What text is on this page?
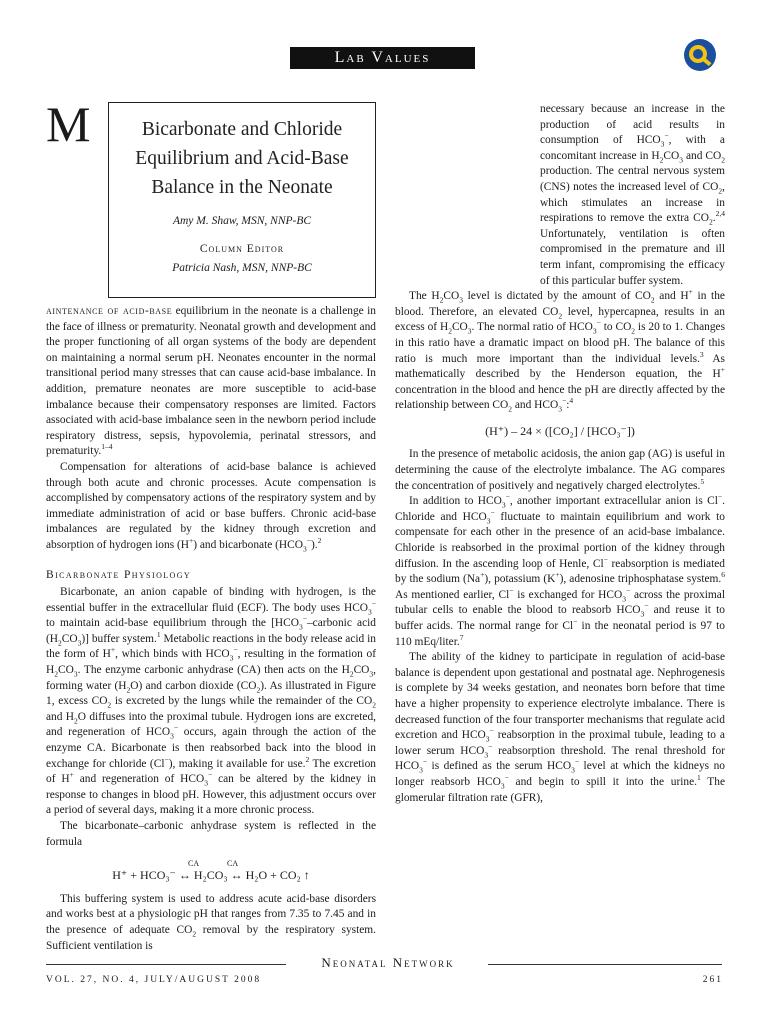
Lab Values
Bicarbonate and Chloride Equilibrium and Acid-Base Balance in the Neonate
Amy M. Shaw, MSN, NNP-BC
Column Editor
Patricia Nash, MSN, NNP-BC

M
aintenance of acid-base equilibrium in the neonate is a challenge in the face of illness or prematurity. Neonatal growth and development and the proper functioning of all organ systems of the body are dependent on maintaining a normal serum pH. Neonates encounter in the normal transitional period many stresses that can cause acid-base imbalance. In addition, premature neonates are more susceptible to acid-base imbalance because their compensatory responses are limited. Factors associated with acid-base imbalance seen in the newborn period include respiratory distress, sepsis, hypovolemia, perinatal stressors, and prematurity.$^{1-4}$

Compensation for alterations of acid-base balance is achieved through both acute and chronic processes. Acute compensation is accomplished by compensatory actions of the respiratory system and by immediate administration of acid or base buffers. Chronic acid-base imbalances are regulated by the kidney through excretion and absorption of hydrogen ions (H+) and bicarbonate $(HCO_3^-).^2$

Bicarbonate Physiology

Bicarbonate, an anion capable of binding with hydrogen, is the essential buffer in the extracellular fluid (ECF). The body uses $HCO_3^-$ to maintain acid-base equilibrium through the [$HCO_3^-$–carbonic acid $(H_2CO_3)$] buffer system.$^1$ Metabolic reactions in the body release acid in the form of H+, which binds with $HCO_3^-$, resulting in the formation of $H_2CO_3$. The enzyme carbonic anhydrase (CA) then acts on the $H_2CO_3$, forming water $(H_2O)$ and carbon dioxide $(CO_2)$. As illustrated in Figure 1, excess $CO_2$ is excreted by the lungs while the remainder of the $CO_2$ and $H_2O$ diffuses into the proximal tubule. Hydrogen ions are excreted, and regeneration of $HCO_3^-$ occurs, again through the action of the enzyme CA. Bicarbonate is then reabsorbed back into the blood in exchange for chloride (Cl−), making it available for use.$^2$ The excretion of H+ and regeneration of $HCO_3^-$ can be altered by the kidney in response to changes in blood pH. However, this adjustment occurs over a period of several days, making it a more chronic process.

The bicarbonate–carbonic anhydrase system is reflected in the formula

CA	CA
H⁺ + HCO₃⁻ ↔ H₂CO₃ ↔ H₂O + CO₂ ↑

This buffering system is used to address acute acid-base disorders and works best at a physiologic pH that ranges from 7.35 to 7.45 and in the presence of adequate $CO_2$ removal by the respiratory system. Sufficient ventilation is

necessary because an increase in the production of acid results in consumption of $HCO_3^-$, with a concomitant increase in $H_2CO_3$ and $CO_2$ production. The central nervous system (CNS) notes the increased level of $CO_2$, which stimulates an increase in respirations to remove the extra $CO_2.^{2,4}$ Unfortunately, ventilation is often compromised in the premature and ill term infant, compromising the efficacy of this particular buffer system.

The $H_2CO_3$ level is dictated by the amount of $CO_2$ and H+ in the blood. Therefore, an elevated $CO_2$ level, hypercapnea, results in an excess of $H_2CO_3$. The normal ratio of $HCO_3^-$ to $CO_2$ is 20 to 1. Changes in this ratio have a dramatic impact on blood pH. The balance of this ratio is much more important than the individual levels.$^3$ As mathematically described by the Henderson equation, the H+ concentration in the blood and hence the pH are directly affected by the relationship between $CO_2$ and $HCO_3^-:^4$

(H⁺) – 24 × ([CO₂] / [HCO₃⁻])

In the presence of metabolic acidosis, the anion gap (AG) is useful in determining the cause of the electrolyte imbalance. The AG compares the concentration of positively and negatively charged electrolytes.$^5$

In addition to $HCO_3^-$, another important extracellular anion is Cl−. Chloride and $HCO_3^-$ fluctuate to maintain equilibrium and work to compensate for each other in the presence of an acid-base imbalance. Chloride is reabsorbed in the proximal portion of the kidney through diffusion. In the ascending loop of Henle, Cl− reabsorption is mediated by the sodium (Na+), potassium (K+), adenosine triphosphatase system.$^6$ As mentioned earlier, Cl− is exchanged for $HCO_3^-$ across the proximal tubular cells to enable the blood to reabsorb $HCO_3^-$ and reuse it to buffer acids. The normal range for Cl− in the neonatal period is 97 to 110 mEq/liter.$^7$

The ability of the kidney to participate in regulation of acid-base balance is dependent upon gestational and postnatal age. Nephrogenesis is complete by 34 weeks gestation, and neonates born before that time have a higher propensity to experience electrolyte imbalance. There is decreased function of the four transporter mechanisms that regulate acid excretion and $HCO_3^-$ reabsorption in the proximal tubule, leading to a lower serum $HCO_3^-$ reabsorption threshold. The renal threshold for $HCO_3^-$ is defined as the serum $HCO_3^-$ level at which the kidneys no longer reabsorb $HCO_3^-$ and begin to spill it into the urine.$^1$ The glomerular filtration rate (GFR),

Neonatal Network
VOL. 27, NO. 4, JULY/AUGUST 2008	261
